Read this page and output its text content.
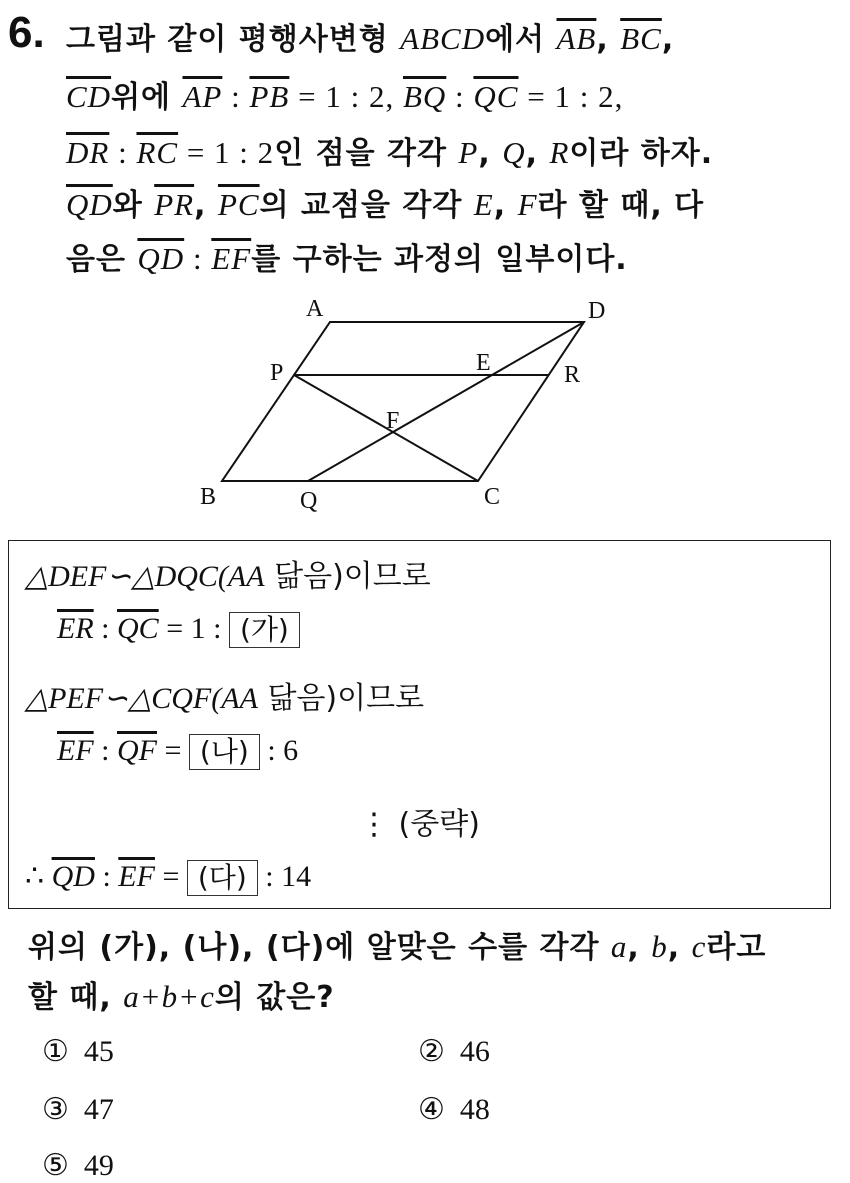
6. 그림과 같이 평행사변형 ABCD에서 $\overline{AB}$, $\overline{BC}$,
$\overline{CD}$위에 $\overline{AP}$ : $\overline{PB} = 1$ : 2, $\overline{BQ}$ : $\overline{QC} = 1$ : 2,
$\overline{DR}$ : $\overline{RC} = 1$ : 2인 점을 각각 P, Q, R이라 하자.
$\overline{QD}$와 $\overline{PR}$, $\overline{PC}$의 교점을 각각 E, F라 할 때, 다
음은 $\overline{QD}$ : $\overline{EF}$를 구하는 과정의 일부이다.
A	D
P	E	R
F
B	Q	C
△DEF∽△DQC(AA 닮음)이므로
$\overline{ER}$ : $\overline{QC} = 1$ : (가)
△PEF∽△CQF(AA 닮음)이므로
$\overline{EF}$ : $\overline{QF}$ = (나) : 6
⋮ (중략)
∴ $\overline{QD}$ : $\overline{EF}$ = (다) : 14
위의 (가), (나), (다)에 알맞은 수를 각각 a, b, c라고
할 때, a+b+c의 값은?
① 45	② 46
③ 47	④ 48
⑤ 49
